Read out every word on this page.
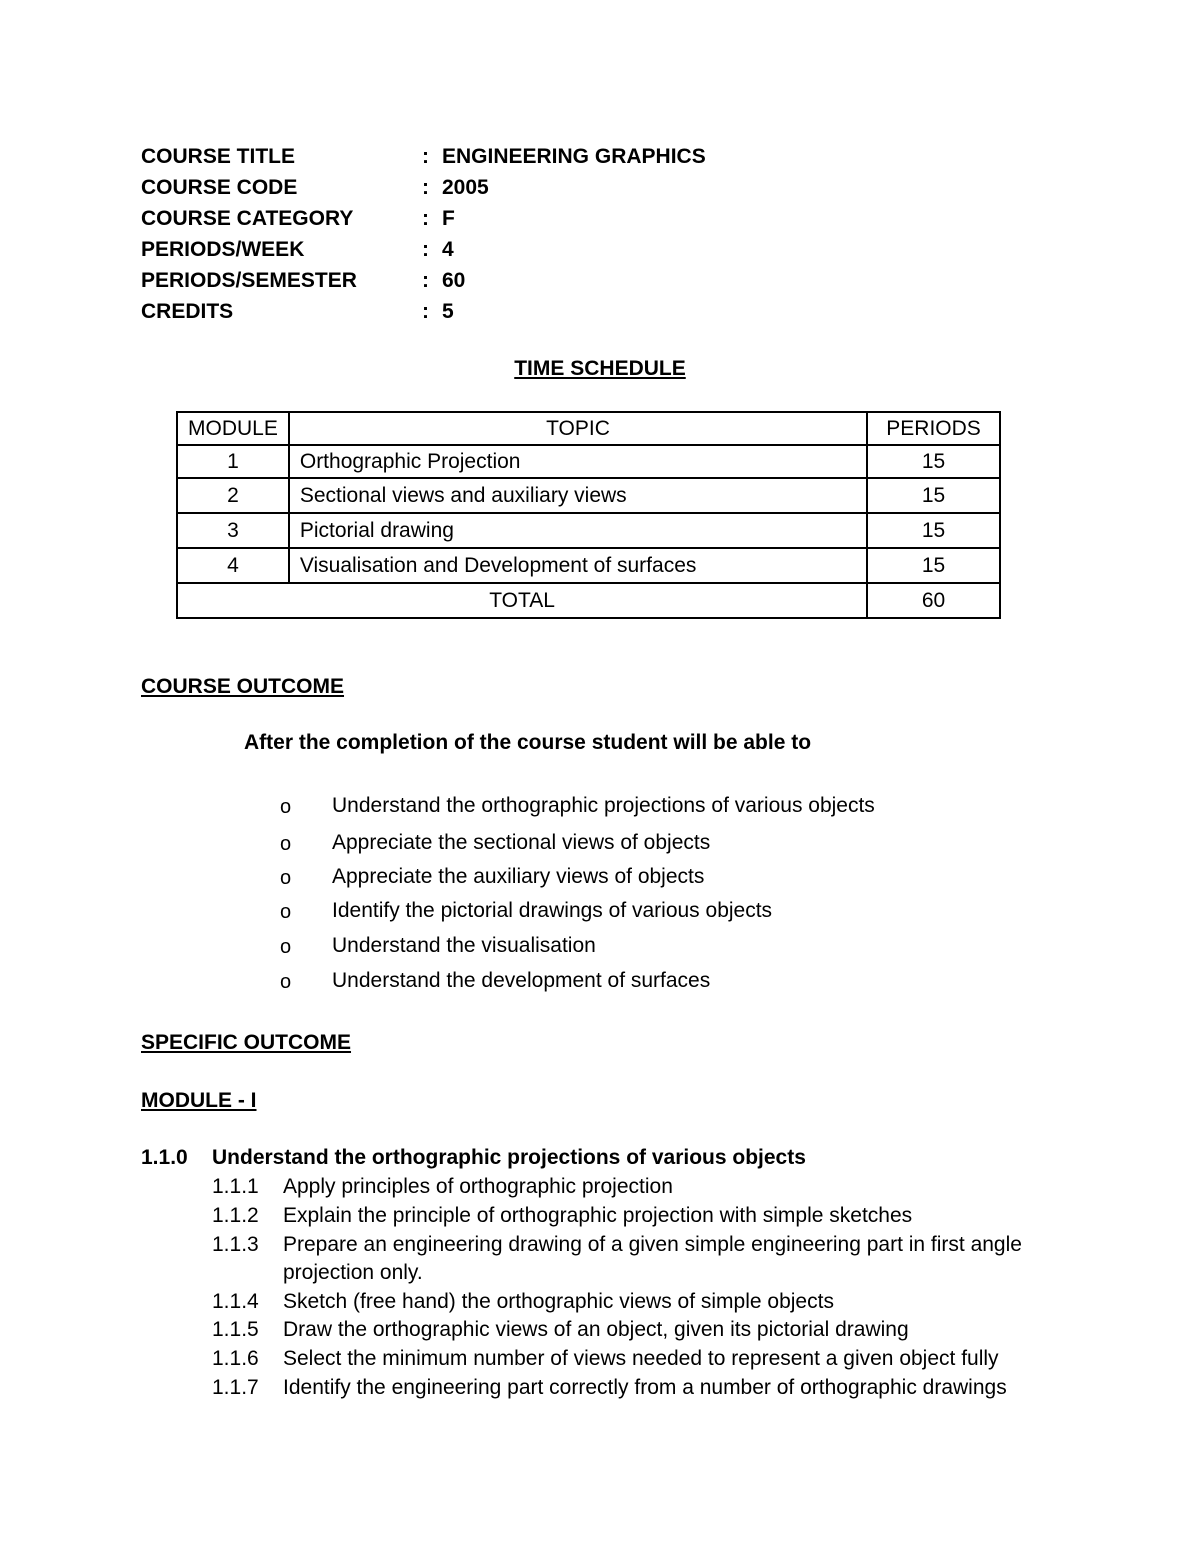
COURSE TITLE	: ENGINEERING GRAPHICS
COURSE CODE	: 2005
COURSE CATEGORY	: F
PERIODS/WEEK	: 4
PERIODS/SEMESTER	: 60
CREDITS	: 5
TIME SCHEDULE
MODULE	TOPIC	PERIODS
1	Orthographic Projection	15
2	Sectional views and auxiliary views	15
3	Pictorial drawing	15
4	Visualisation and Development of surfaces	15
TOTAL		60
COURSE OUTCOME
After the completion of the course student will be able to
o Understand the orthographic projections of various objects
o Appreciate the sectional views of objects
o Appreciate the auxiliary views of objects
o Identify the pictorial drawings of various objects
o Understand the visualisation
o Understand the development of surfaces
SPECIFIC OUTCOME
MODULE - I
1.1.0 Understand the orthographic projections of various objects
1.1.1 Apply principles of orthographic projection
1.1.2 Explain the principle of orthographic projection with simple sketches
1.1.3 Prepare an engineering drawing of a given simple engineering part in first angle
projection only.
1.1.4 Sketch (free hand) the orthographic views of simple objects
1.1.5 Draw the orthographic views of an object, given its pictorial drawing
1.1.6 Select the minimum number of views needed to represent a given object fully
1.1.7 Identify the engineering part correctly from a number of orthographic drawings
